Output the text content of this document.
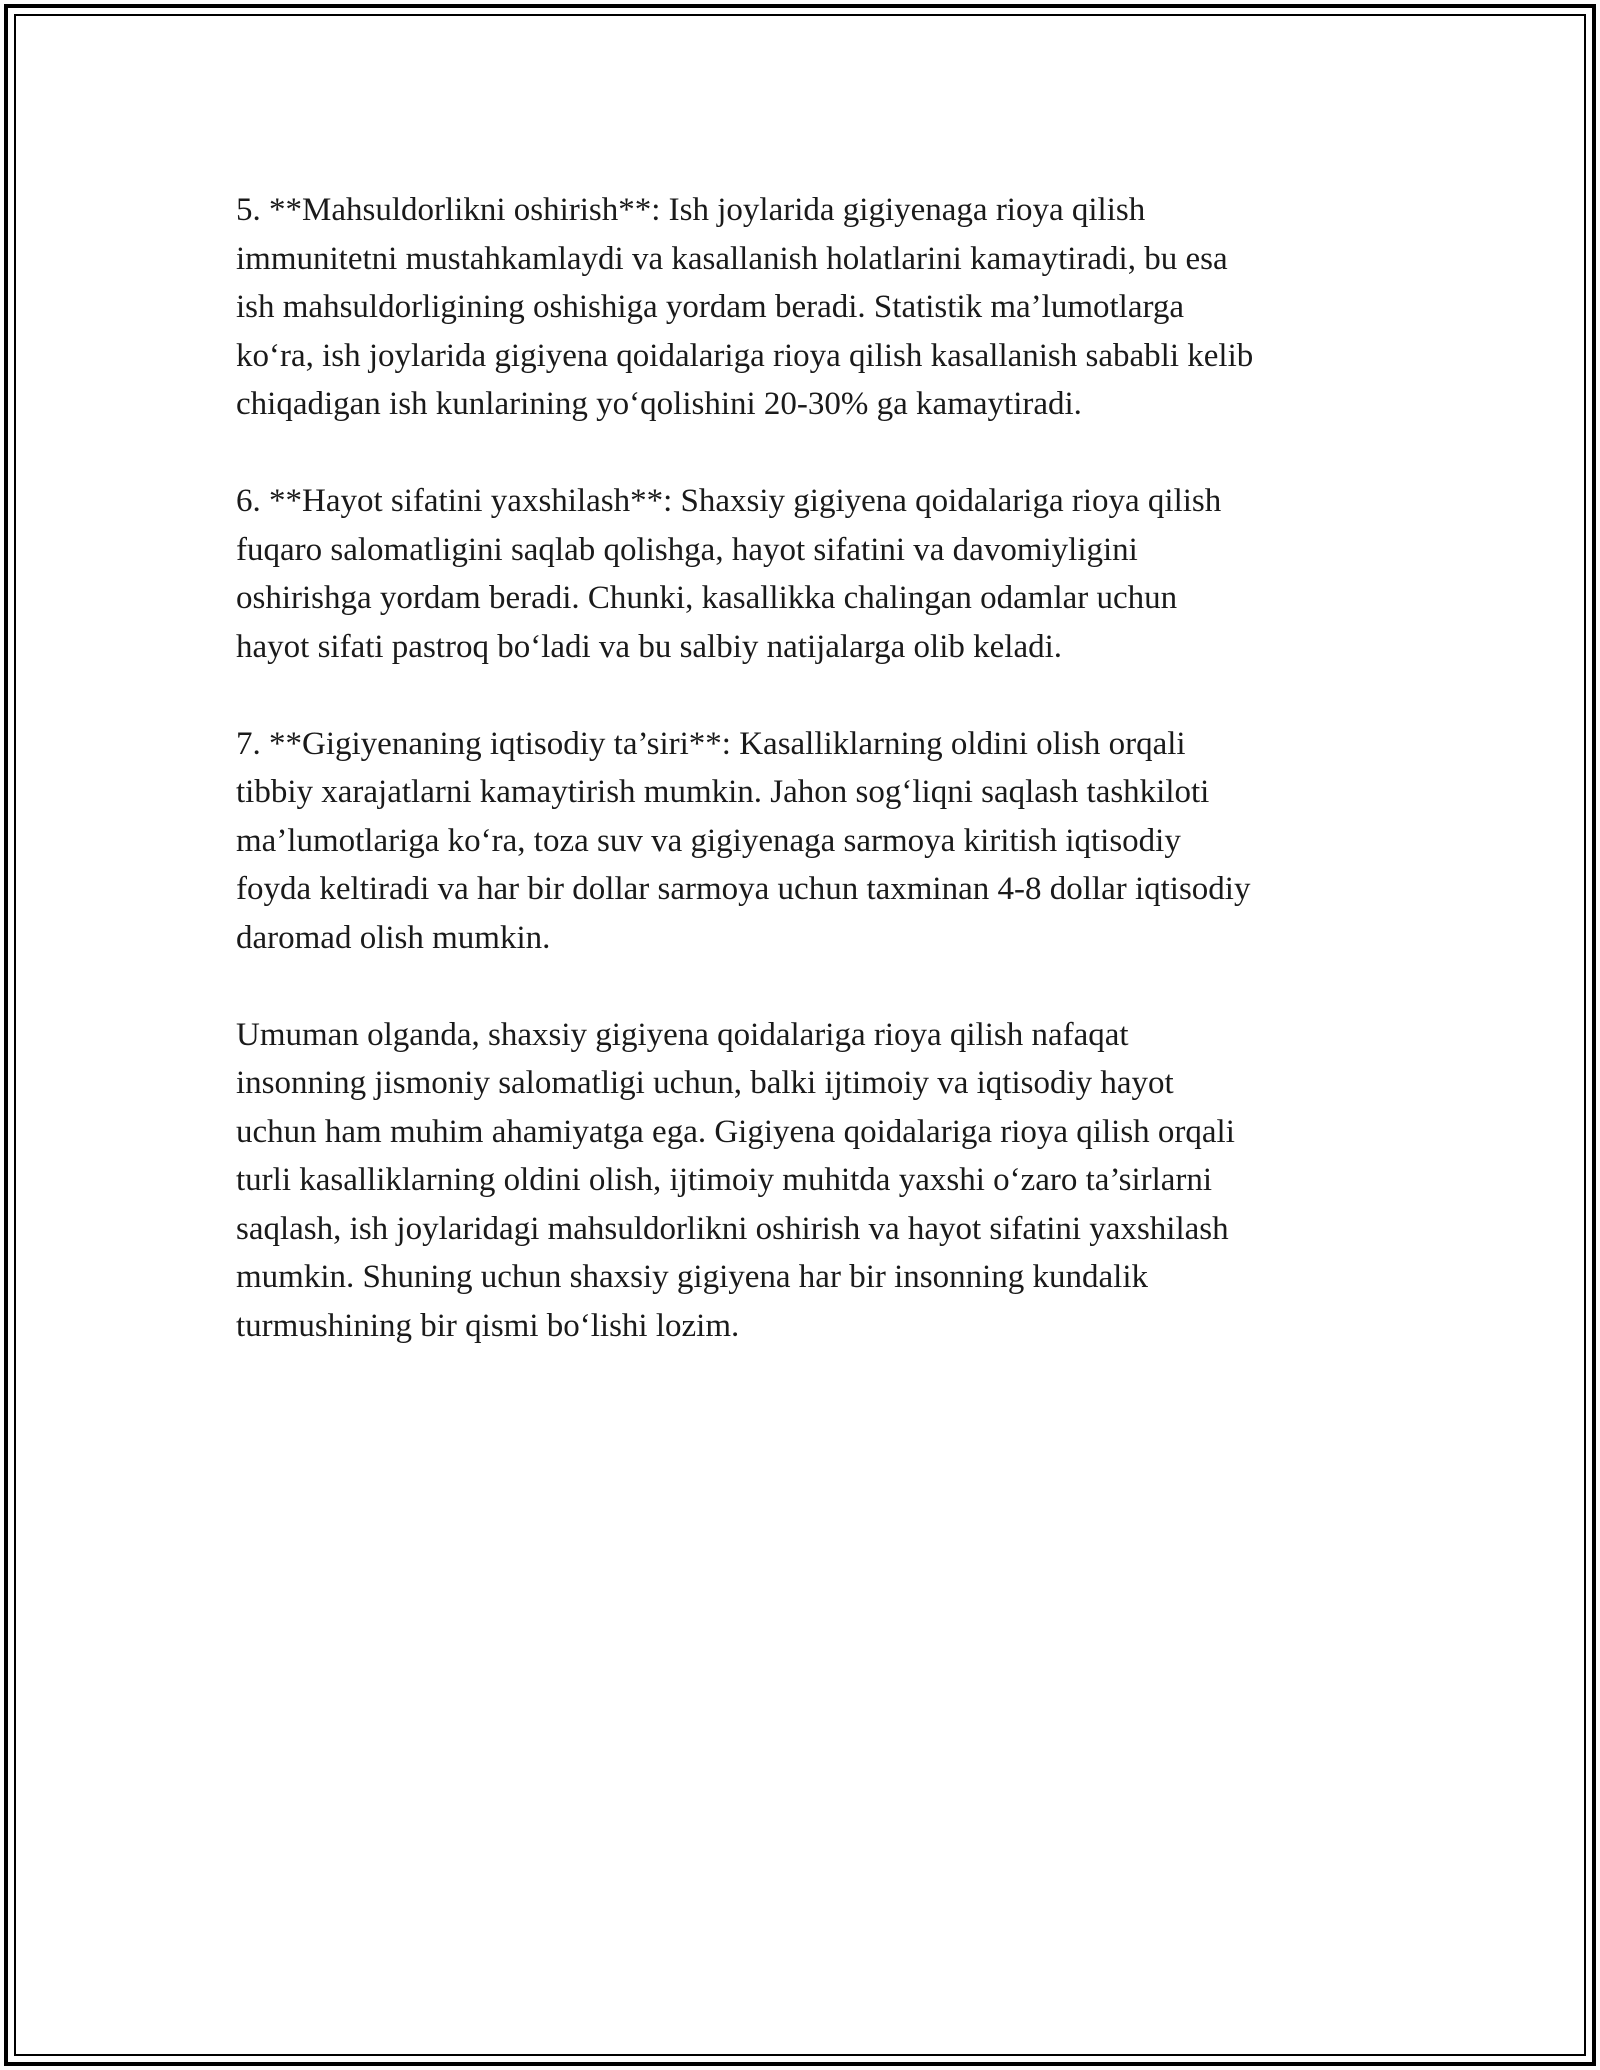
5. **Mahsuldorlikni oshirish**: Ish joylarida gigiyenaga rioya qilish
immunitetni mustahkamlaydi va kasallanish holatlarini kamaytiradi, bu esa
ish mahsuldorligining oshishiga yordam beradi. Statistik ma’lumotlarga
ko‘ra, ish joylarida gigiyena qoidalariga rioya qilish kasallanish sababli kelib
chiqadigan ish kunlarining yo‘qolishini 20-30% ga kamaytiradi.

6. **Hayot sifatini yaxshilash**: Shaxsiy gigiyena qoidalariga rioya qilish
fuqaro salomatligini saqlab qolishga, hayot sifatini va davomiyligini
oshirishga yordam beradi. Chunki, kasallikka chalingan odamlar uchun
hayot sifati pastroq bo‘ladi va bu salbiy natijalarga olib keladi.

7. **Gigiyenaning iqtisodiy ta’siri**: Kasalliklarning oldini olish orqali
tibbiy xarajatlarni kamaytirish mumkin. Jahon sog‘liqni saqlash tashkiloti
ma’lumotlariga ko‘ra, toza suv va gigiyenaga sarmoya kiritish iqtisodiy
foyda keltiradi va har bir dollar sarmoya uchun taxminan 4-8 dollar iqtisodiy
daromad olish mumkin.

Umuman olganda, shaxsiy gigiyena qoidalariga rioya qilish nafaqat
insonning jismoniy salomatligi uchun, balki ijtimoiy va iqtisodiy hayot
uchun ham muhim ahamiyatga ega. Gigiyena qoidalariga rioya qilish orqali
turli kasalliklarning oldini olish, ijtimoiy muhitda yaxshi o‘zaro ta’sirlarni
saqlash, ish joylaridagi mahsuldorlikni oshirish va hayot sifatini yaxshilash
mumkin. Shuning uchun shaxsiy gigiyena har bir insonning kundalik
turmushining bir qismi bo‘lishi lozim.
